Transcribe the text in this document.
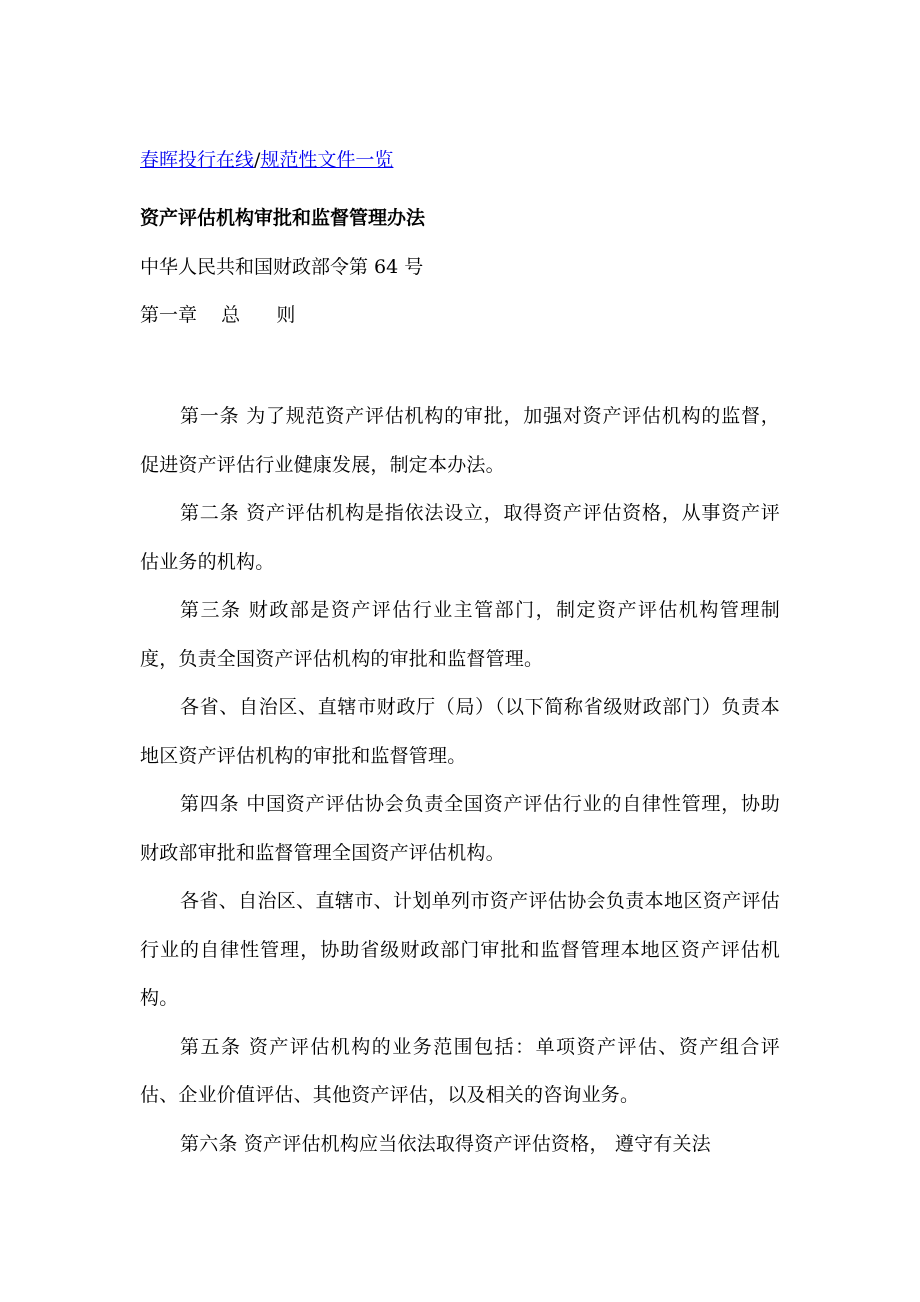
春晖投行在线/规范性文件一览
资产评估机构审批和监督管理办法
中华人民共和国财政部令第 64 号
第一章    总      则

第一条 为了规范资产评估机构的审批，加强对资产评估机构的监督，促进资产评估行业健康发展，制定本办法。

第二条 资产评估机构是指依法设立，取得资产评估资格，从事资产评估业务的机构。

第三条 财政部是资产评估行业主管部门，制定资产评估机构管理制度，负责全国资产评估机构的审批和监督管理。

各省、自治区、直辖市财政厅（局）（以下简称省级财政部门）负责本地区资产评估机构的审批和监督管理。

第四条 中国资产评估协会负责全国资产评估行业的自律性管理，协助财政部审批和监督管理全国资产评估机构。

各省、自治区、直辖市、计划单列市资产评估协会负责本地区资产评估行业的自律性管理，协助省级财政部门审批和监督管理本地区资产评估机构。

第五条 资产评估机构的业务范围包括：单项资产评估、资产组合评估、企业价值评估、其他资产评估，以及相关的咨询业务。

第六条 资产评估机构应当依法取得资产评估资格， 遵守有关法
